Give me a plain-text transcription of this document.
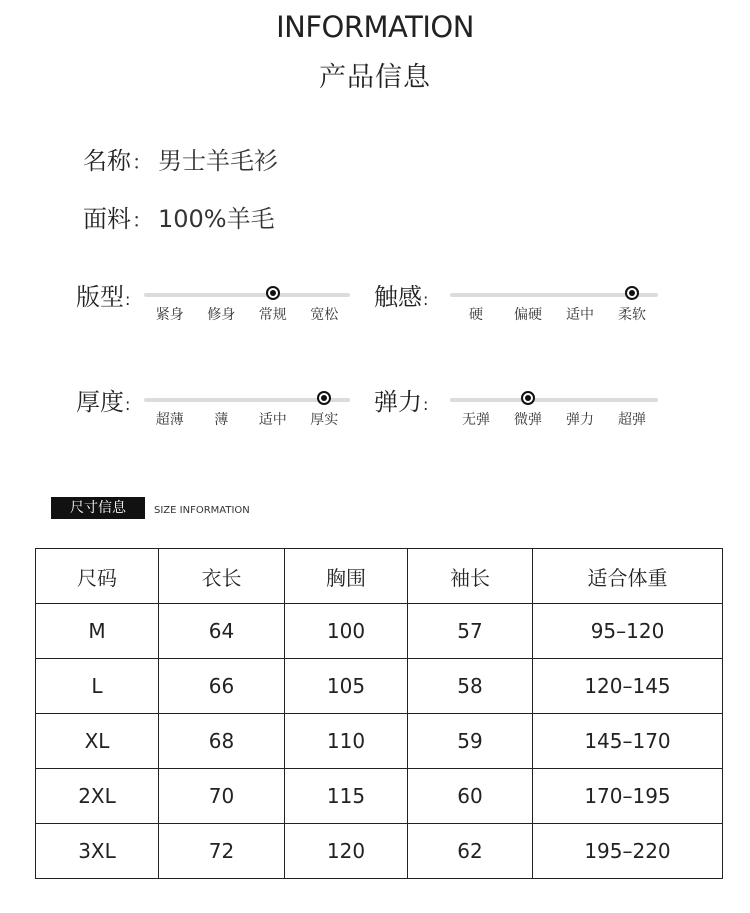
INFORMATION
产品信息
名称： 男士羊毛衫
面料： 100%羊毛
版型:
紧身 修身 常规 宽松
触感:
硬 偏硬 适中 柔软
厚度:
超薄 薄 适中 厚实
弹力:
无弹 微弹 弹力 超弹
尺寸信息	SIZE INFORMATION
尺码	衣长	胸围	袖长	适合体重
M	64	100	57	95–120
L	66	105	58	120–145
XL	68	110	59	145–170
2XL	70	115	60	170–195
3XL	72	120	62	195–220
